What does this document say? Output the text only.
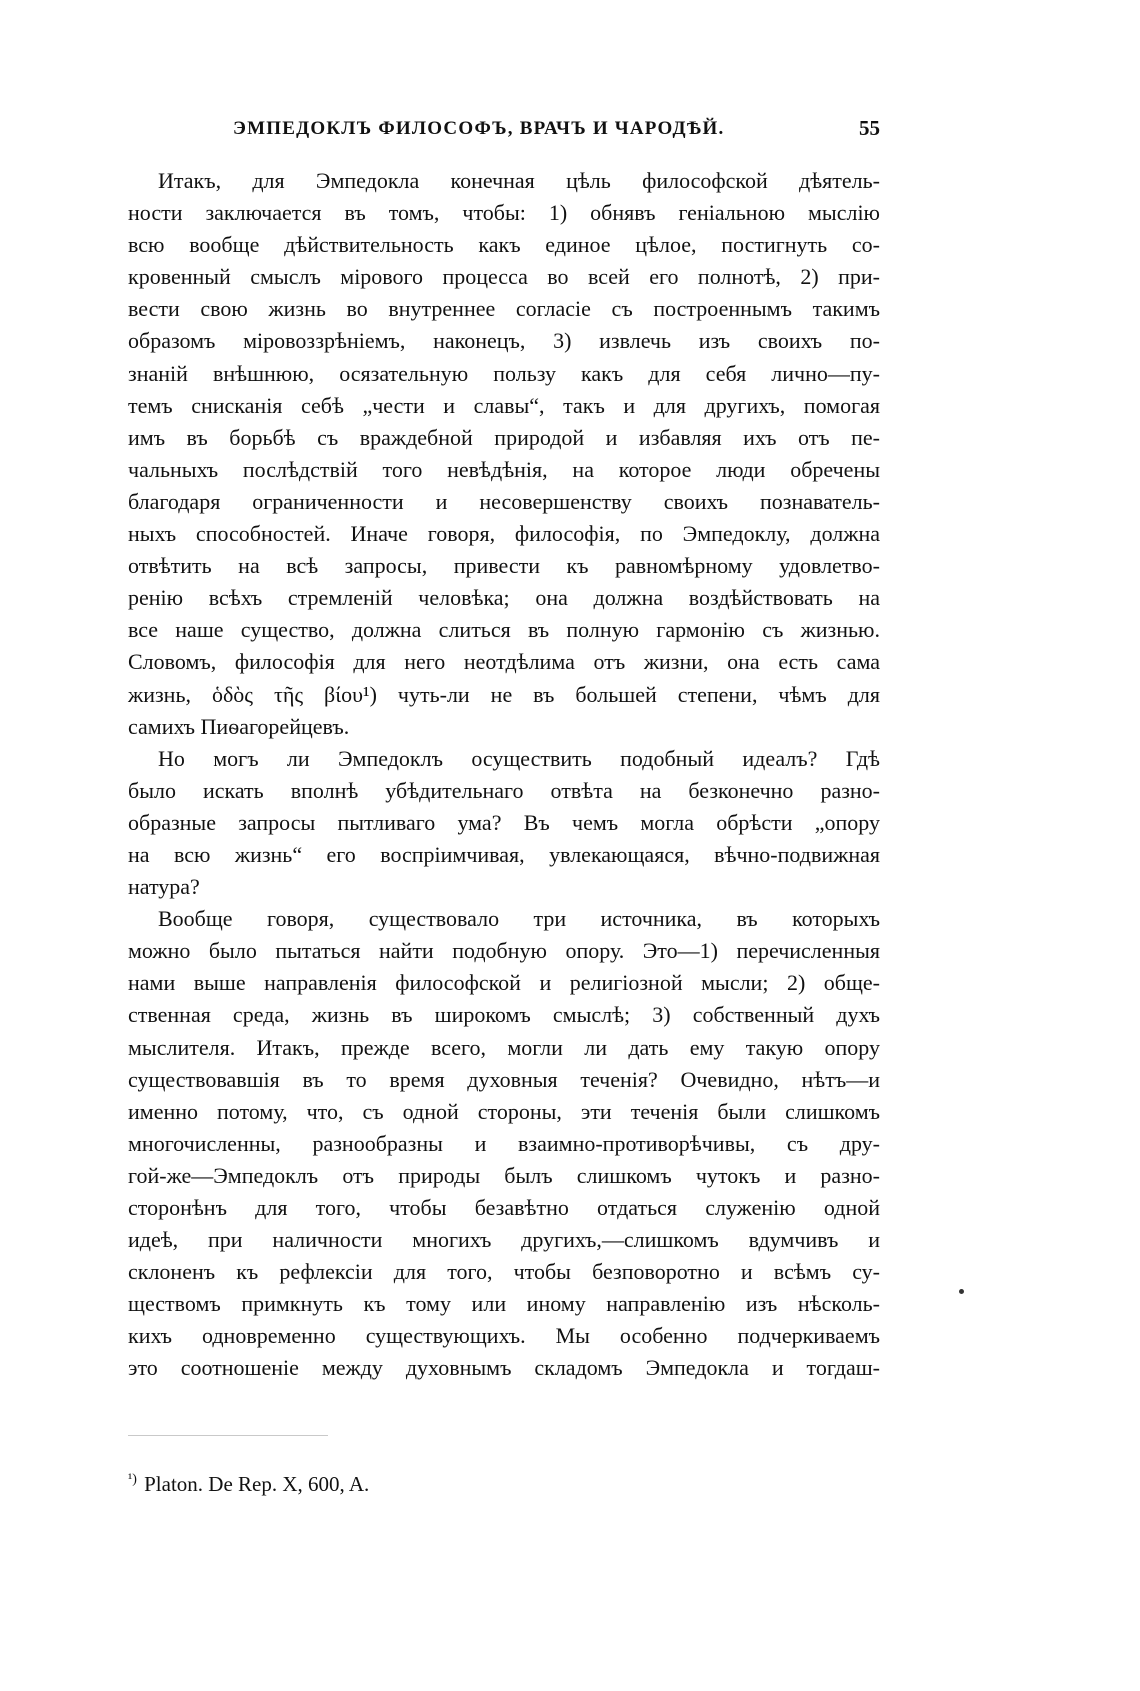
ЭМПЕДОКЛЪ ФИЛОСОФЪ, ВРАЧЪ И ЧАРОДѢЙ.	55
Итакъ, для Эмпедокла конечная цѣль философской дѣятель-
ности заключается въ томъ, чтобы: 1) обнявъ геніальною мыслію
всю вообще дѣйствительность какъ единое цѣлое, постигнуть со-
кровенный смыслъ мірового процесса во всей его полнотѣ, 2) при-
вести свою жизнь во внутреннее согласіе съ построеннымъ такимъ
образомъ міровоззрѣніемъ, наконецъ, 3) извлечь изъ своихъ по-
знаній внѣшнюю, осязательную пользу какъ для себя лично—пу-
темъ снисканія себѣ „чести и славы“, такъ и для другихъ, помогая
имъ въ борьбѣ съ враждебной природой и избавляя ихъ отъ пе-
чальныхъ послѣдствій того невѣдѣнія, на которое люди обречены
благодаря ограниченности и несовершенству своихъ познаватель-
ныхъ способностей. Иначе говоря, философія, по Эмпедоклу, должна
отвѣтить на всѣ запросы, привести къ равномѣрному удовлетво-
ренію всѣхъ стремленій человѣка; она должна воздѣйствовать на
все наше существо, должна слиться въ полную гармонію съ жизнью.
Словомъ, философія для него неотдѣлима отъ жизни, она есть сама
жизнь, ὁδὸς τῆς βίου¹) чуть-ли не въ большей степени, чѣмъ для
самихъ Пиѳагорейцевъ.
Но могъ ли Эмпедоклъ осуществить подобный идеалъ? Гдѣ
было искать вполнѣ убѣдительнаго отвѣта на безконечно разно-
образные запросы пытливаго ума? Въ чемъ могла обрѣсти „опору
на всю жизнь“ его воспріимчивая, увлекающаяся, вѣчно-подвижная
натура?
Вообще говоря, существовало три источника, въ которыхъ
можно было пытаться найти подобную опору. Это—1) перечисленныя
нами выше направленія философской и религіозной мысли; 2) обще-
ственная среда, жизнь въ широкомъ смыслѣ; 3) собственный духъ
мыслителя. Итакъ, прежде всего, могли ли дать ему такую опору
существовавшія въ то время духовныя теченія? Очевидно, нѣтъ—и
именно потому, что, съ одной стороны, эти теченія были слишкомъ
многочисленны, разнообразны и взаимно-противорѣчивы, съ дру-
гой-же—Эмпедоклъ отъ природы былъ слишкомъ чутокъ и разно-
сторонѣнъ для того, чтобы безавѣтно отдаться служенію одной
идеѣ, при наличности многихъ другихъ,—слишкомъ вдумчивъ и
склоненъ къ рефлексіи для того, чтобы безповоротно и всѣмъ су-
ществомъ примкнуть къ тому или иному направленію изъ нѣсколь-
кихъ одновременно существующихъ. Мы особенно подчеркиваемъ
это соотношеніе между духовнымъ складомъ Эмпедокла и тогдаш-
$^{^1)}$ Platon. De Rep. X, 600, A.
